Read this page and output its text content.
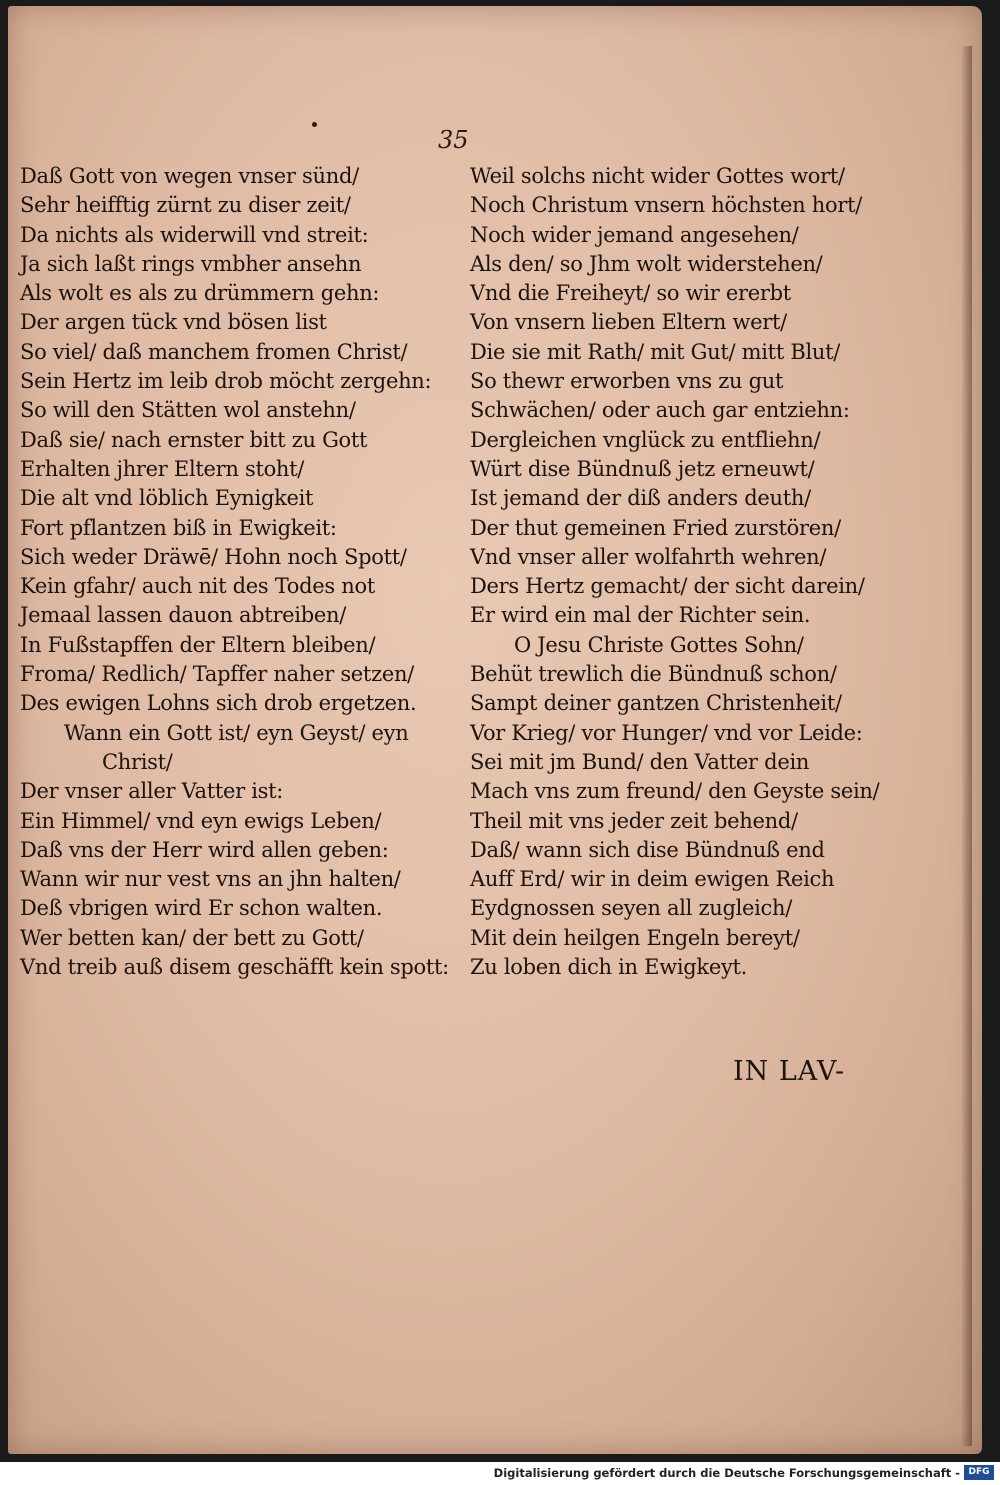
35
Daß Gott von wegen vnser sünd/
Sehr heifftig zürnt zu diser zeit/
Da nichts als widerwill vnd streit:
Ja sich laßt rings vmbher ansehn
Als wolt es als zu drümmern gehn:
Der argen tück vnd bösen list
So viel/ daß manchem fromen Christ/
Sein Hertz im leib drob möcht zergehn:
So will den Stätten wol anstehn/
Daß sie/ nach ernster bitt zu Gott
Erhalten jhrer Eltern stoht/
Die alt vnd löblich Eynigkeit
Fort pflantzen biß in Ewigkeit:
Sich weder Dräwē/ Hohn noch Spott/
Kein gfahr/ auch nit des Todes not
Jemaal lassen dauon abtreiben/
In Fußstapffen der Eltern bleiben/
Froma/ Redlich/ Tapffer naher setzen/
Des ewigen Lohns sich drob ergetzen.
Wann ein Gott ist/ eyn Geyst/ eyn
Christ/
Der vnser aller Vatter ist:
Ein Himmel/ vnd eyn ewigs Leben/
Daß vns der Herr wird allen geben:
Wann wir nur vest vns an jhn halten/
Deß vbrigen wird Er schon walten.
Wer betten kan/ der bett zu Gott/
Vnd treib auß disem geschäfft kein spott:
Weil solchs nicht wider Gottes wort/
Noch Christum vnsern höchsten hort/
Noch wider jemand angesehen/
Als den/ so Jhm wolt widerstehen/
Vnd die Freiheyt/ so wir ererbt
Von vnsern lieben Eltern wert/
Die sie mit Rath/ mit Gut/ mitt Blut/
So thewr erworben vns zu gut
Schwächen/ oder auch gar entziehn:
Dergleichen vnglück zu entfliehn/
Würt dise Bündnuß jetz erneuwt/
Ist jemand der diß anders deuth/
Der thut gemeinen Fried zurstören/
Vnd vnser aller wolfahrth wehren/
Ders Hertz gemacht/ der sicht darein/
Er wird ein mal der Richter sein.
O Jesu Christe Gottes Sohn/
Behüt trewlich die Bündnuß schon/
Sampt deiner gantzen Christenheit/
Vor Krieg/ vor Hunger/ vnd vor Leide:
Sei mit jm Bund/ den Vatter dein
Mach vns zum freund/ den Geyste sein/
Theil mit vns jeder zeit behend/
Daß/ wann sich dise Bündnuß end
Auff Erd/ wir in deim ewigen Reich
Eydgnossen seyen all zugleich/
Mit dein heilgen Engeln bereyt/
Zu loben dich in Ewigkeyt.
IN LAV-
Digitalisierung gefördert durch die Deutsche Forschungsgemeinschaft - DFG
